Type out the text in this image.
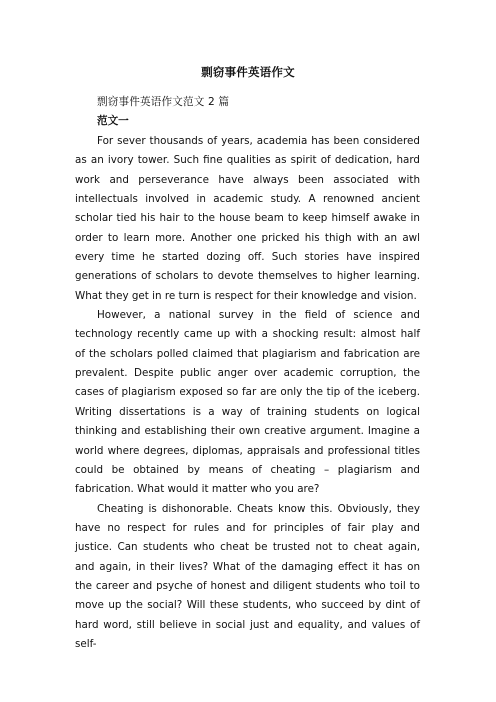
剽窃事件英语作文
剽窃事件英语作文范文 2 篇
范文一

For sever thousands of years, academia has been considered as an ivory tower. Such fine qualities as spirit of dedication, hard work and perseverance have always been associated with intellectuals involved in academic study. A renowned ancient scholar tied his hair to the house beam to keep himself awake in order to learn more. Another one pricked his thigh with an awl every time he started dozing off. Such stories have inspired generations of scholars to devote themselves to higher learning. What they get in re turn is respect for their knowledge and vision.

However, a national survey in the field of science and technology recently came up with a shocking result: almost half of the scholars polled claimed that plagiarism and fabrication are prevalent. Despite public anger over academic corruption, the cases of plagiarism exposed so far are only the tip of the iceberg. Writing dissertations is a way of training students on logical thinking and establishing their own creative argument. Imagine a world where degrees, diplomas, appraisals and professional titles could be obtained by means of cheating – plagiarism and fabrication. What would it matter who you are?

Cheating is dishonorable. Cheats know this. Obviously, they have no respect for rules and for principles of fair play and justice. Can students who cheat be trusted not to cheat again, and again, in their lives? What of the damaging effect it has on the career and psyche of honest and diligent students who toil to move up the social? Will these students, who succeed by dint of hard word, still believe in social just and equality, and values of self-
